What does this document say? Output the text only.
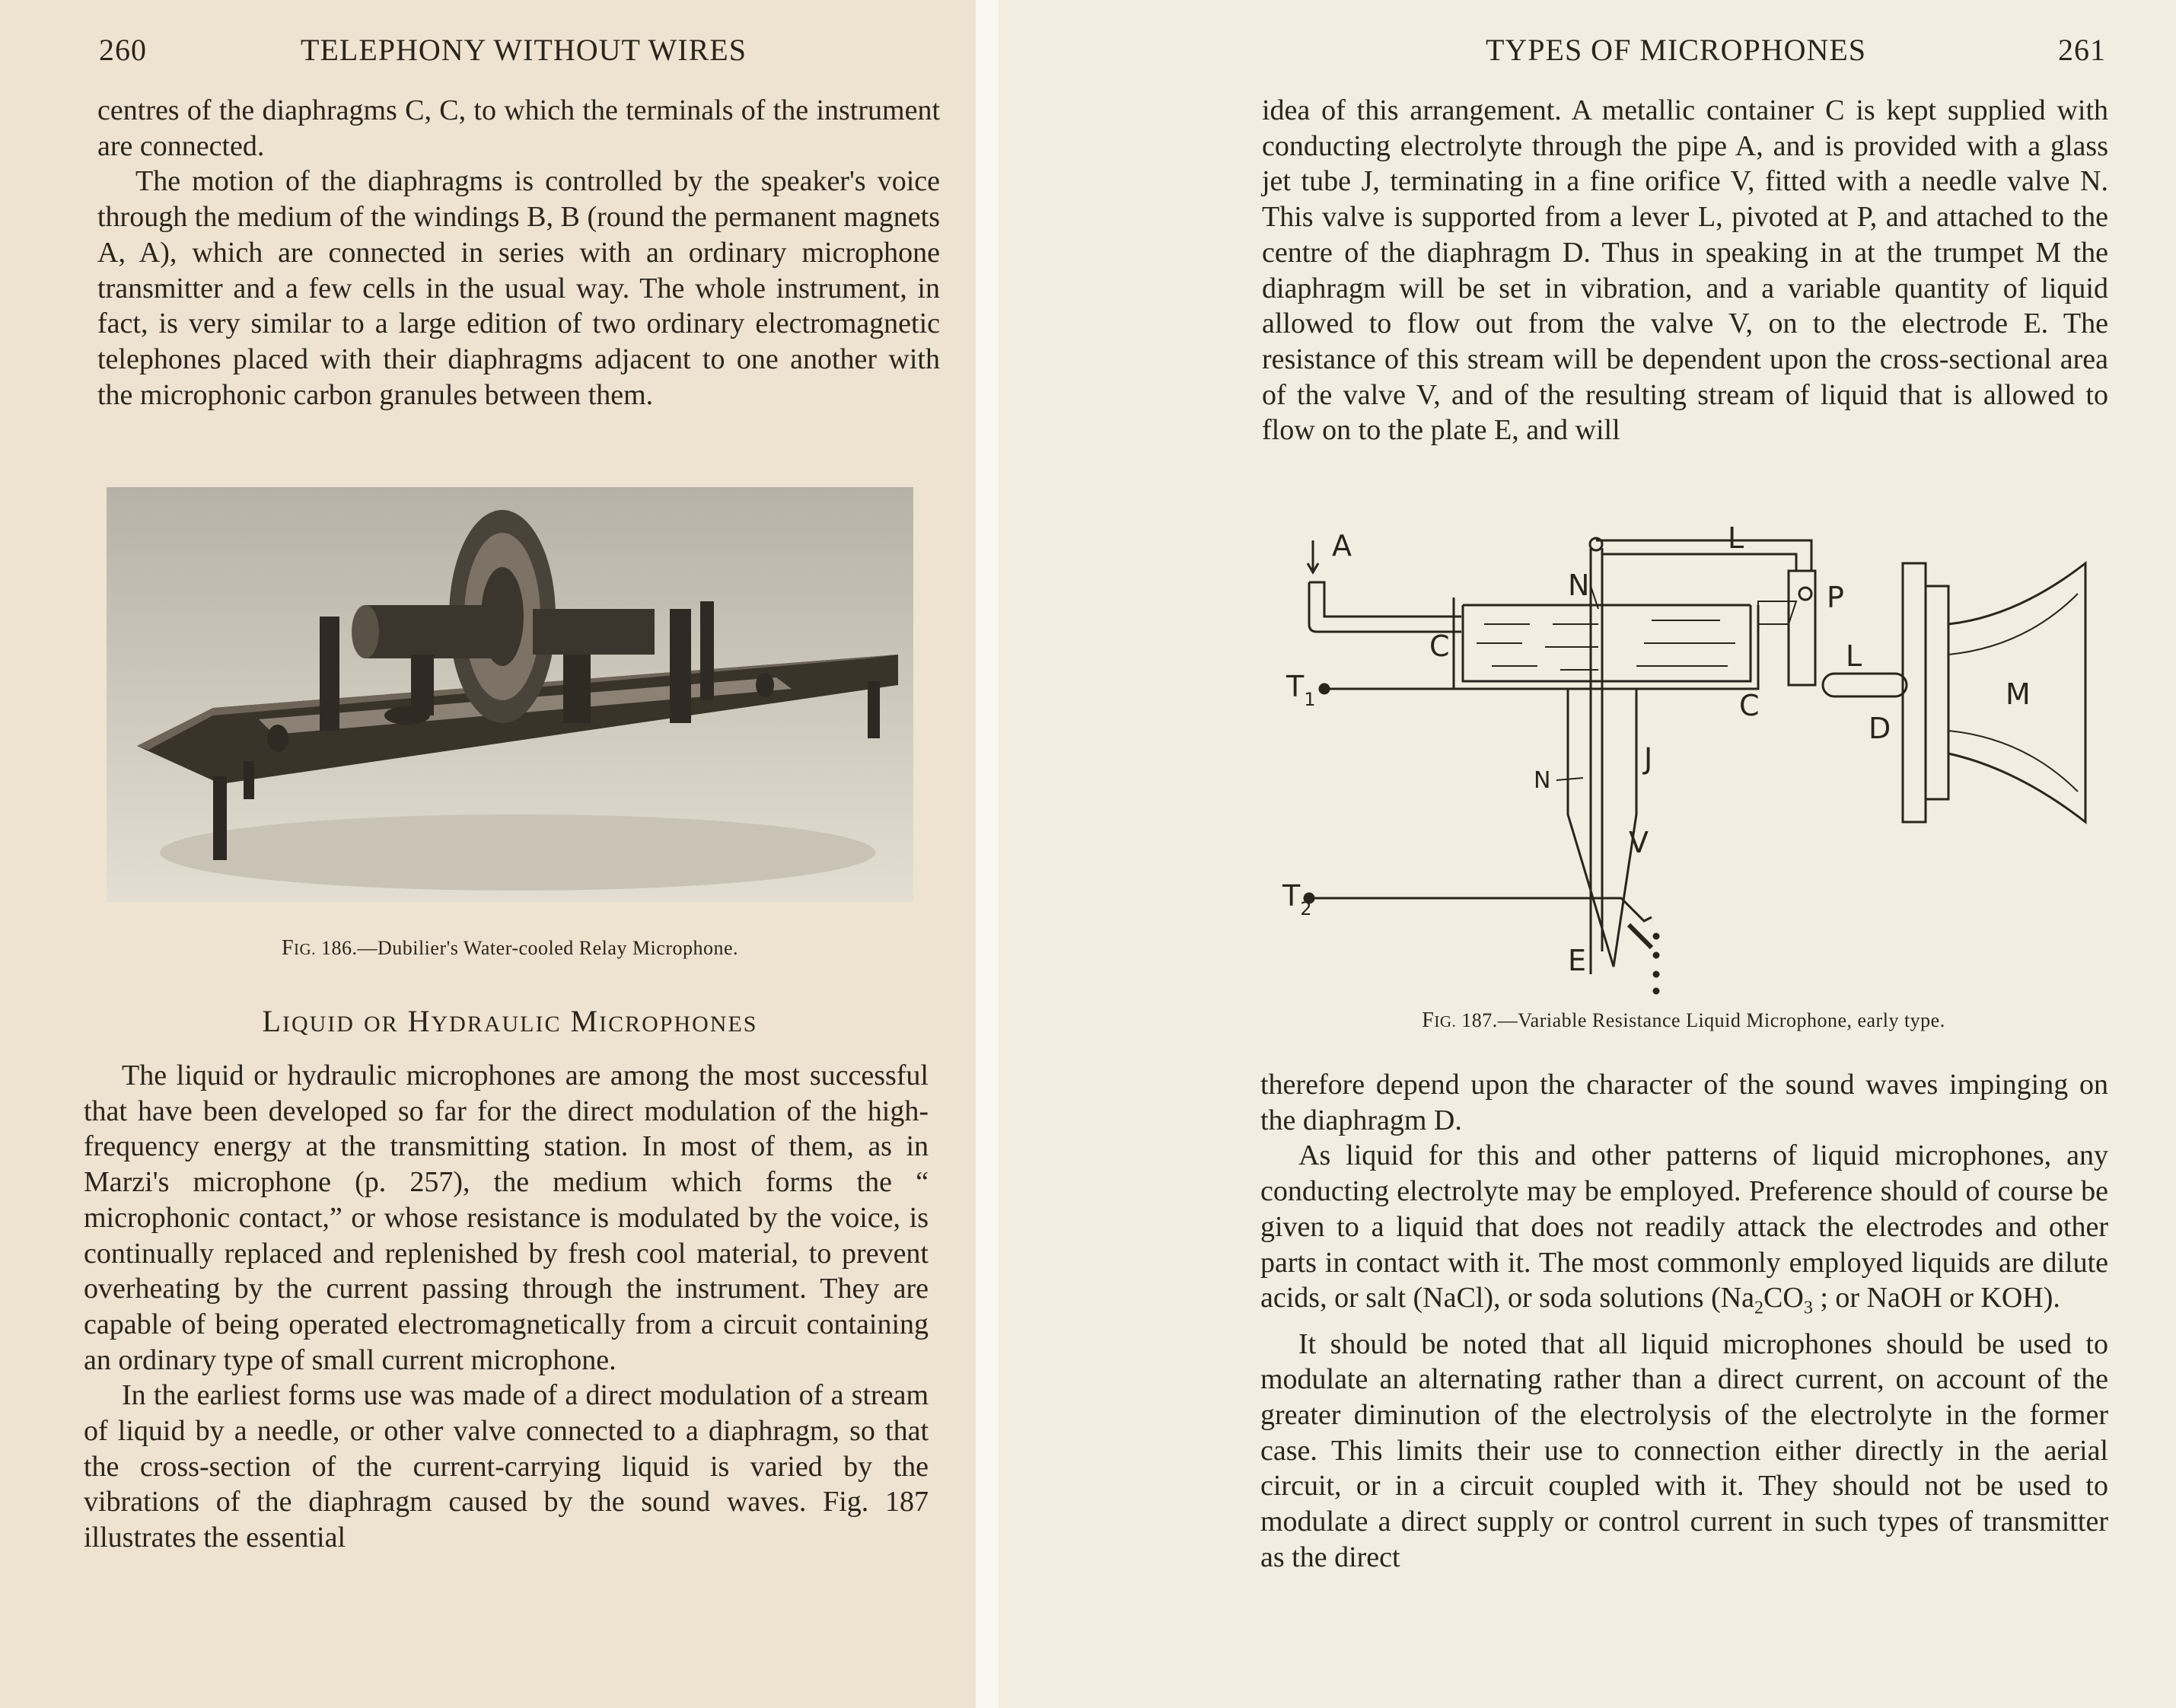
260	TELEPHONY WITHOUT WIRES

centres of the diaphragms C, C, to which the terminals of the instrument are connected.

The motion of the diaphragms is controlled by the speaker's voice through the medium of the windings B, B (round the permanent magnets A, A), which are connected in series with an ordinary microphone transmitter and a few cells in the usual way. The whole instrument, in fact, is very similar to a large edition of two ordinary electromagnetic telephones placed with their diaphragms adjacent to one another with the microphonic carbon granules between them.

FIG. 186.—Dubilier's Water-cooled Relay Microphone.
LIQUID OR HYDRAULIC MICROPHONES

The liquid or hydraulic microphones are among the most successful that have been developed so far for the direct modulation of the high-frequency energy at the transmitting station. In most of them, as in Marzi's microphone (p. 257), the medium which forms the “ microphonic contact,” or whose resistance is modulated by the voice, is continually replaced and replenished by fresh cool material, to prevent overheating by the current passing through the instrument. They are capable of being operated electromagnetically from a circuit containing an ordinary type of small current microphone.

In the earliest forms use was made of a direct modulation of a stream of liquid by a needle, or other valve connected to a diaphragm, so that the cross-section of the current-carrying liquid is varied by the vibrations of the diaphragm caused by the sound waves. Fig. 187 illustrates the essential

TYPES OF MICROPHONES	261

idea of this arrangement. A metallic container C is kept supplied with conducting electrolyte through the pipe A, and is provided with a glass jet tube J, terminating in a fine orifice V, fitted with a needle valve N. This valve is supported from a lever L, pivoted at P, and attached to the centre of the diaphragm D. Thus in speaking in at the trumpet M the diaphragm will be set in vibration, and a variable quantity of liquid allowed to flow out from the valve V, on to the electrode E. The resistance of this stream will be dependent upon the cross-sectional area of the valve V, and of the resulting stream of liquid that is allowed to flow on to the plate E, and will

FIG. 187.—Variable Resistance Liquid Microphone, early type.

therefore depend upon the character of the sound waves impinging on the diaphragm D.

As liquid for this and other patterns of liquid microphones, any conducting electrolyte may be employed. Preference should of course be given to a liquid that does not readily attack the electrodes and other parts in contact with it. The most commonly employed liquids are dilute acids, or salt (NaCl), or soda solutions ($Na_2CO_3$ ; or NaOH or KOH).

It should be noted that all liquid microphones should be used to modulate an alternating rather than a direct current, on account of the greater diminution of the electrolysis of the electrolyte in the former case. This limits their use to connection either directly in the aerial circuit, or in a circuit coupled with it. They should not be used to modulate a direct supply or control current in such types of transmitter as the direct

A	L
N	P
C
C
L
$T_1$
D
M
J
N
V
$T_2$
E
